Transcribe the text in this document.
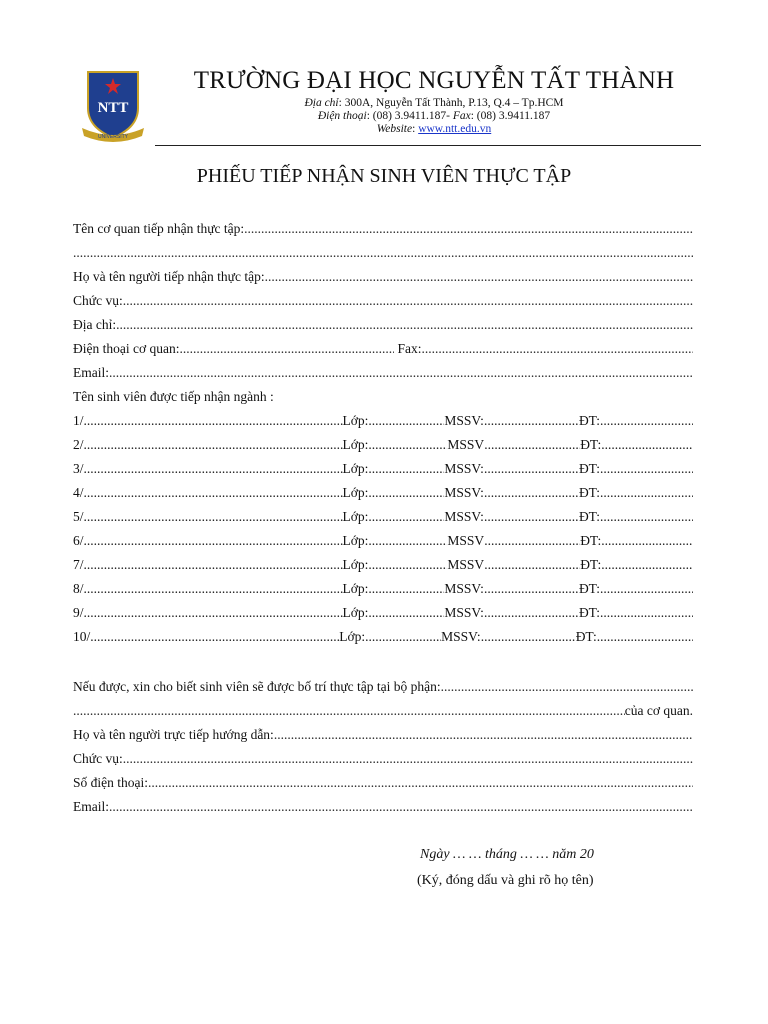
NTT
UNIVERSITY
TRƯỜNG ĐẠI HỌC NGUYỄN TẤT THÀNH
Địa chỉ: 300A, Nguyễn Tất Thành, P.13, Q.4 – Tp.HCM
Điện thoại: (08) 3.9411.187- Fax: (08) 3.9411.187
Website: www.ntt.edu.vn
PHIẾU TIẾP NHẬN SINH VIÊN THỰC TẬP
Tên cơ quan tiếp nhận thực tập:
.....
.....
Họ và tên người tiếp nhận thực tập:
.....
Chức vụ:
.....
Địa chỉ:
.....
Điện thoại cơ quan: .....	Fax:
.....
Email:
.....
Tên sinh viên được tiếp nhận ngành :
1/ .....	Lớp: .....	MSSV: .....	ĐT:
.....
2/ .....	Lớp: .....	MSSV .....	ĐT:
.....
3/ .....	Lớp: .....	MSSV: .....	ĐT:
.....
4/ .....	Lớp: .....	MSSV: .....	ĐT:
.....
5/ .....	Lớp: .....	MSSV: .....	ĐT:
.....
6/ .....	Lớp: .....	MSSV .....	ĐT:
.....
7/ .....	Lớp: .....	MSSV .....	ĐT:
.....
8/ .....	Lớp: .....	MSSV: .....	ĐT:
.....
9/ .....	Lớp: .....	MSSV: .....	ĐT:
.....
10/ .....	Lớp: .....	MSSV: .....	ĐT:
.....
Nếu được, xin cho biết sinh viên sẽ được bố trí thực tập tại bộ phận:
.....
.....
của cơ quan.
Họ và tên người trực tiếp hướng dẫn:
.....
Chức vụ:
.....
Số điện thoại:
.....
Email:
.....
Ngày … … tháng … … năm 20
(Ký, đóng dấu và ghi rõ họ tên)
